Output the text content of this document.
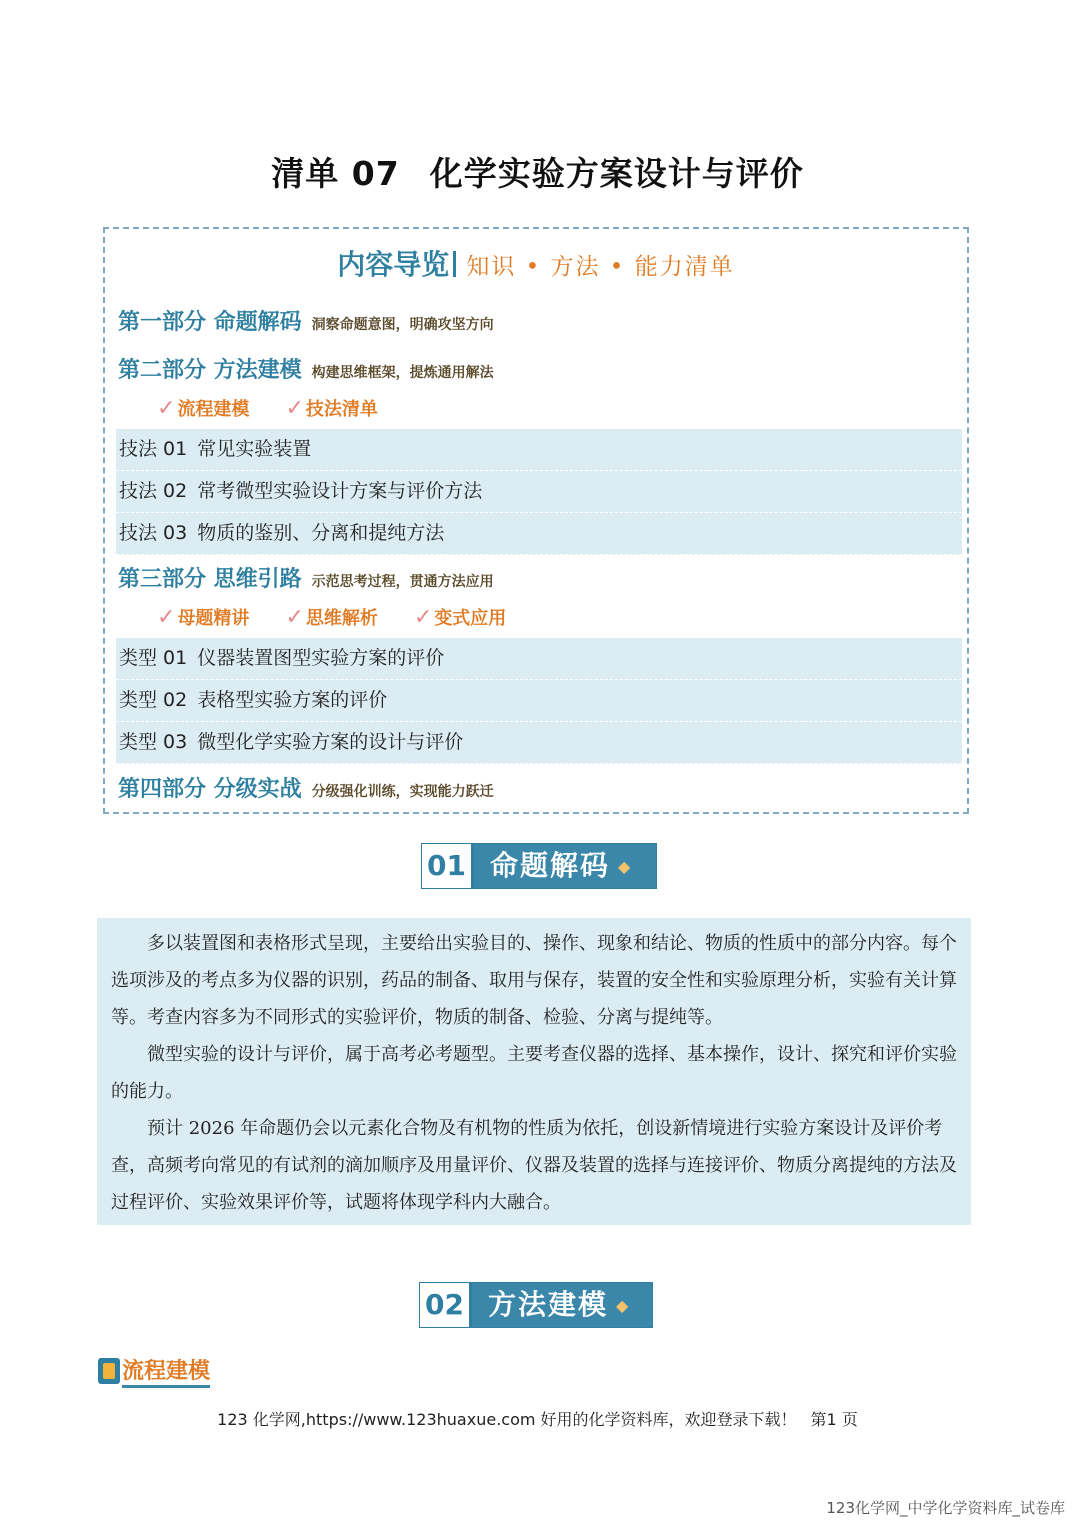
清单 07 化学实验方案设计与评价
内容导览 知识 • 方法 • 能力清单
第一部分 命题解码 洞察命题意图，明确攻坚方向
第二部分 方法建模 构建思维框架，提炼通用解法
✓ 流程建模 ✓ 技法清单
技法 01 常见实验装置
技法 02 常考微型实验设计方案与评价方法
技法 03 物质的鉴别、分离和提纯方法
第三部分 思维引路 示范思考过程，贯通方法应用
✓ 母题精讲 ✓ 思维解析 ✓ 变式应用
类型 01 仪器装置图型实验方案的评价
类型 02 表格型实验方案的评价
类型 03 微型化学实验方案的设计与评价
第四部分 分级实战 分级强化训练，实现能力跃迁
01 命题解码 ◆

多以装置图和表格形式呈现，主要给出实验目的、操作、现象和结论、物质的性质中的部分内容。每个选项涉及的考点多为仪器的识别，药品的制备、取用与保存，装置的安全性和实验原理分析，实验有关计算等。考查内容多为不同形式的实验评价，物质的制备、检验、分离与提纯等。

微型实验的设计与评价，属于高考必考题型。主要考查仪器的选择、基本操作，设计、探究和评价实验的能力。

预计 2026 年命题仍会以元素化合物及有机物的性质为依托，创设新情境进行实验方案设计及评价考查，高频考向常见的有试剂的滴加顺序及用量评价、仪器及装置的选择与连接评价、物质分离提纯的方法及过程评价、实验效果评价等，试题将体现学科内大融合。

02 方法建模 ◆
流程建模
123 化学网,https://www.123huaxue.com 好用的化学资料库，欢迎登录下载！ 第1 页
123化学网_中学化学资料库_试卷库
